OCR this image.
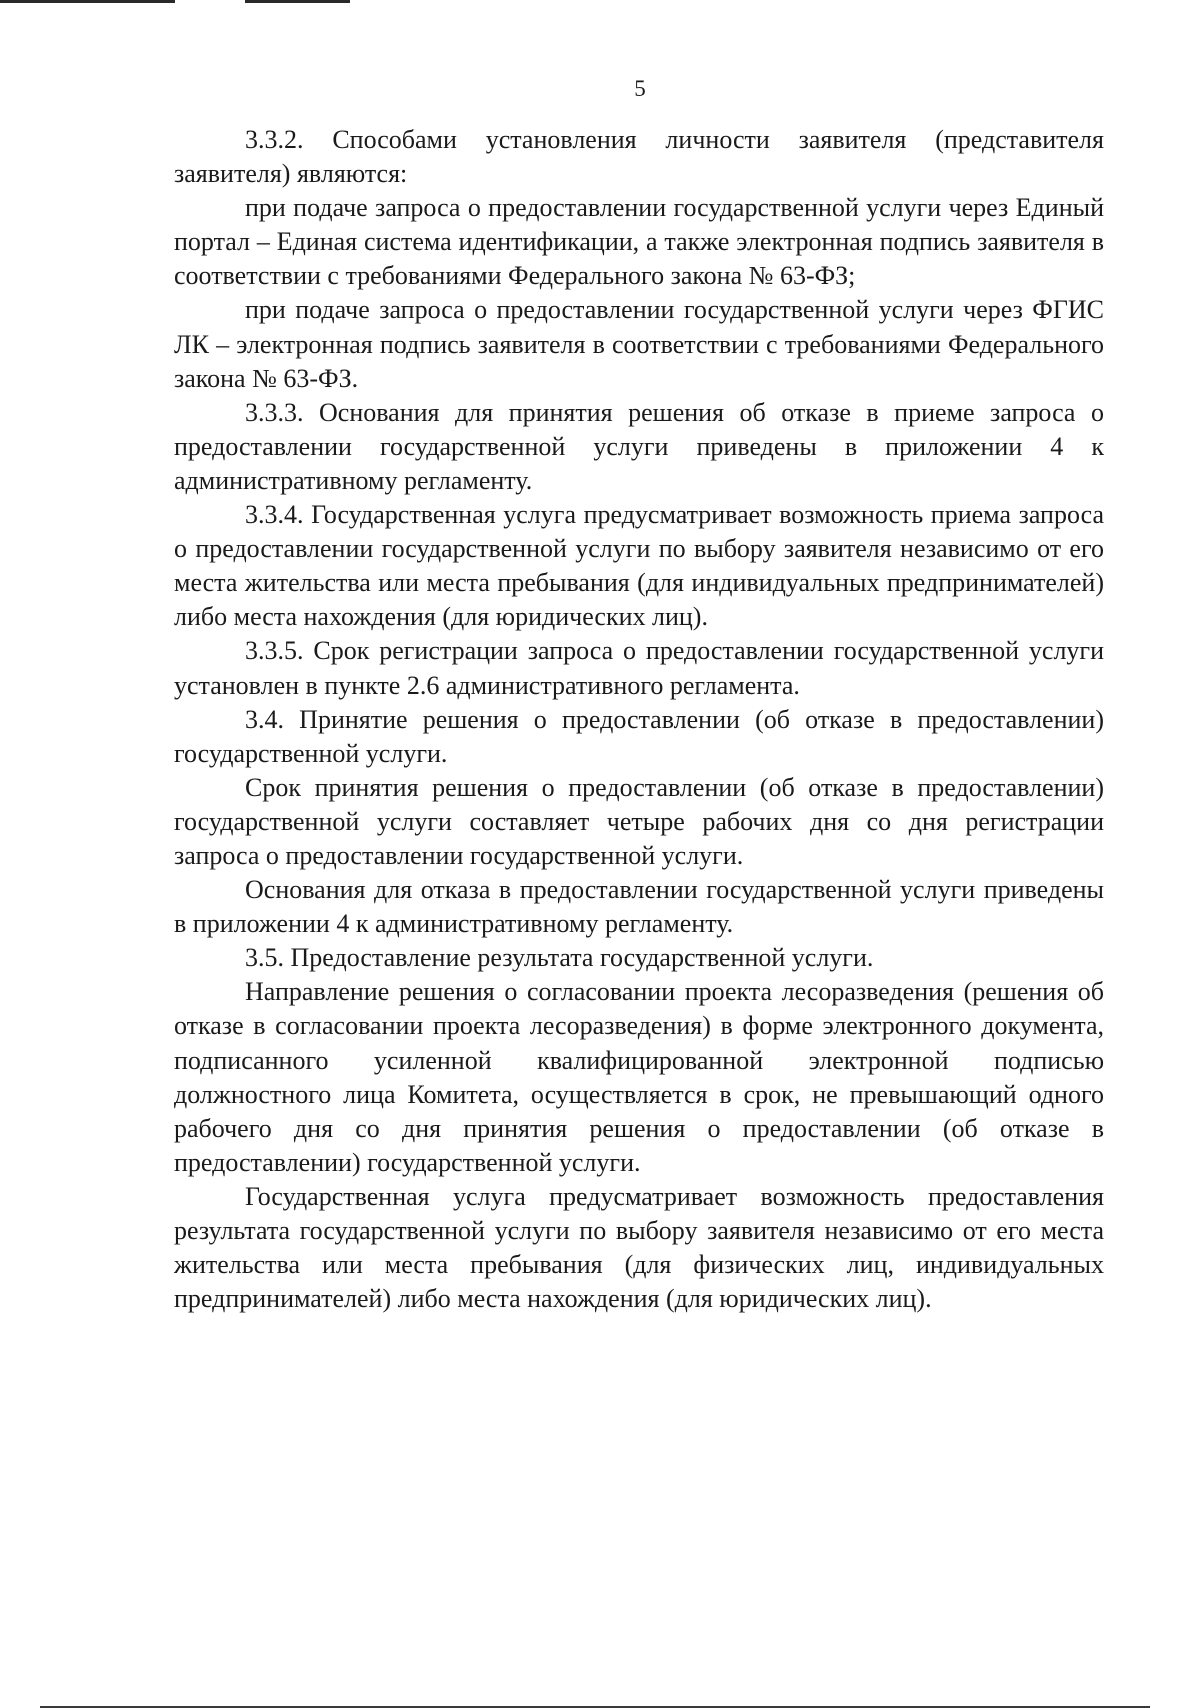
5

3.3.2. Способами установления личности заявителя (представителя заявителя) являются:

при подаче запроса о предоставлении государственной услуги через Единый портал – Единая система идентификации, а также электронная подпись заявителя в соответствии с требованиями Федерального закона № 63-ФЗ;

при подаче запроса о предоставлении государственной услуги через ФГИС ЛК – электронная подпись заявителя в соответствии с требованиями Федерального закона № 63-ФЗ.

3.3.3. Основания для принятия решения об отказе в приеме запроса о предоставлении государственной услуги приведены в приложении 4 к административному регламенту.

3.3.4. Государственная услуга предусматривает возможность приема запроса о предоставлении государственной услуги по выбору заявителя независимо от его места жительства или места пребывания (для индивидуальных предпринимателей) либо места нахождения (для юридических лиц).

3.3.5. Срок регистрации запроса о предоставлении государственной услуги установлен в пункте 2.6 административного регламента.

3.4. Принятие решения о предоставлении (об отказе в предоставлении) государственной услуги.

Срок принятия решения о предоставлении (об отказе в предоставлении) государственной услуги составляет четыре рабочих дня со дня регистрации запроса о предоставлении государственной услуги.

Основания для отказа в предоставлении государственной услуги приведены в приложении 4 к административному регламенту.

3.5. Предоставление результата государственной услуги.

Направление решения о согласовании проекта лесоразведения (решения об отказе в согласовании проекта лесоразведения) в форме электронного документа, подписанного усиленной квалифицированной электронной подписью должностного лица Комитета, осуществляется в срок, не превышающий одного рабочего дня со дня принятия решения о предоставлении (об отказе в предоставлении) государственной услуги.

Государственная услуга предусматривает возможность предоставления результата государственной услуги по выбору заявителя независимо от его места жительства или места пребывания (для физических лиц, индивидуальных предпринимателей) либо места нахождения (для юридических лиц).
